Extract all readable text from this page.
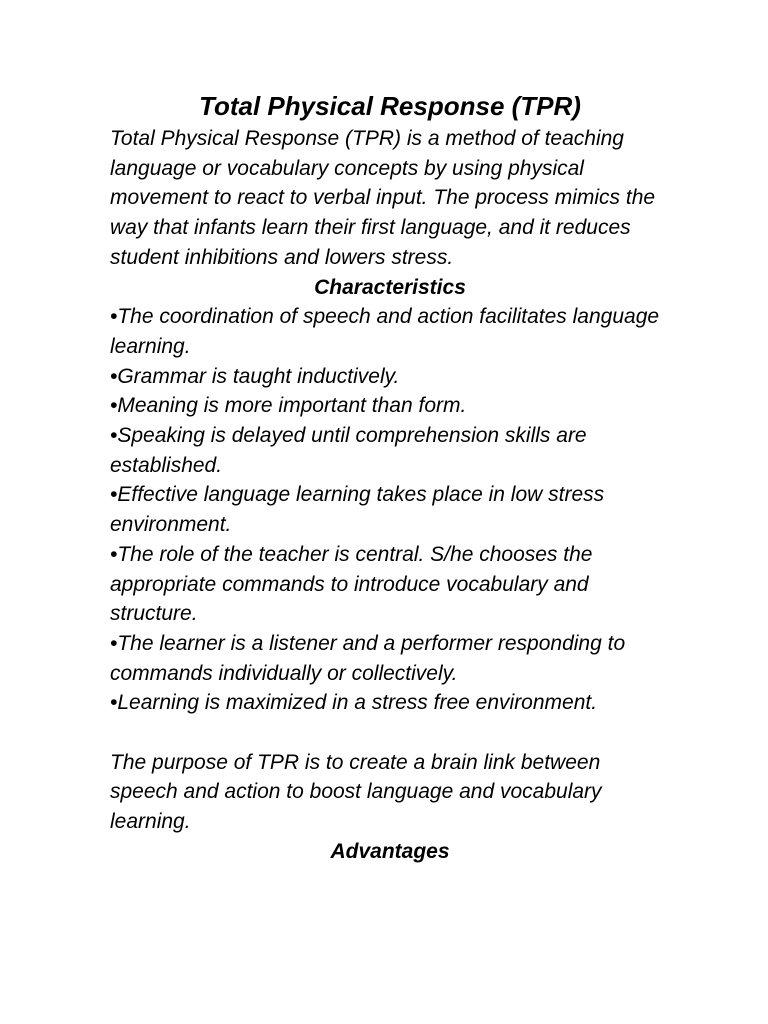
Total Physical Response (TPR)

Total Physical Response (TPR) is a method of teaching language or vocabulary concepts by using physical movement to react to verbal input. The process mimics the way that infants learn their first language, and it reduces student inhibitions and lowers stress.

Characteristics
•The coordination of speech and action facilitates language learning.
•Grammar is taught inductively.
•Meaning is more important than form.
•Speaking is delayed until comprehension skills are established.
•Effective language learning takes place in low stress environment.
•The role of the teacher is central. S/he chooses the appropriate commands to introduce vocabulary and structure.
•The learner is a listener and a performer responding to commands individually or collectively.
•Learning is maximized in a stress free environment.

The purpose of TPR is to create a brain link between speech and action to boost language and vocabulary learning.

Advantages
